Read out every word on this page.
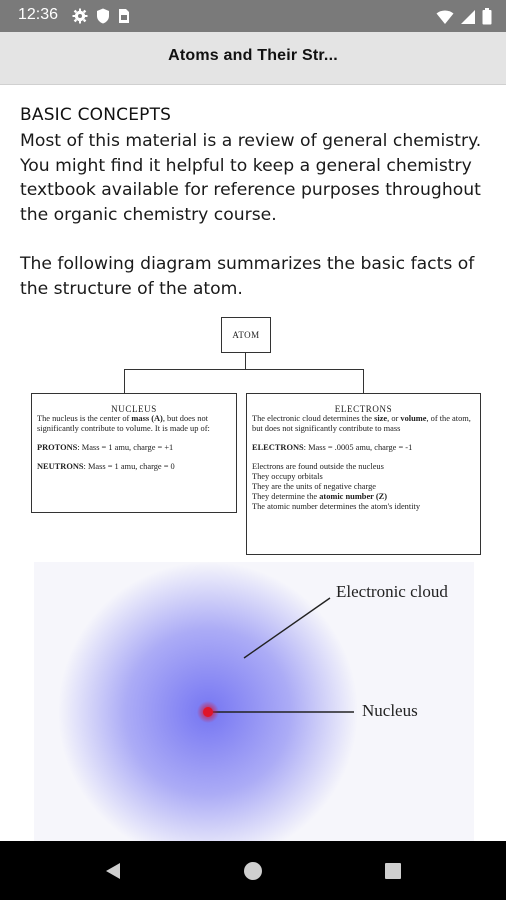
12:36
Atoms and Their Str...
BASIC CONCEPTS
Most of this material is a review of general chemistry. You might find it helpful to keep a general chemistry textbook available for reference purposes throughout the organic chemistry course.
The following diagram summarizes the basic facts of the structure of the atom.
ATOM
NUCLEUS

The nucleus is the center of mass (A), but does not significantly contribute to volume. It is made up of:

PROTONS: Mass = 1 amu, charge = +1

NEUTRONS: Mass = 1 amu, charge = 0

ELECTRONS

The electronic cloud determines the size, or volume, of the atom, but does not significantly contribute to mass

ELECTRONS: Mass = .0005 amu, charge = -1

Electrons are found outside the nucleus

They occupy orbitals

They are the units of negative charge

They determine the atomic number (Z)

The atomic number determines the atom's identity

Electronic cloud
Nucleus
